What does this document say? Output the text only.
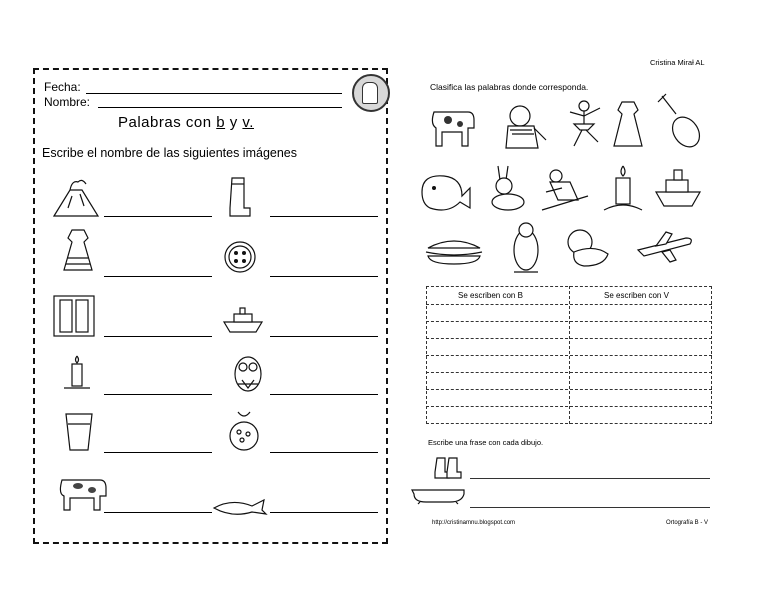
Fecha:
Nombre:
Palabras con b y v.
Escribe el nombre de las siguientes imágenes
Cristina Mirał AL
Clasifica las palabras donde corresponda.
Se escriben con B	Se escriben con V
Escribe una frase con cada dibujo.
http://cristinamnu.blogspot.com	Ortografía B - V
